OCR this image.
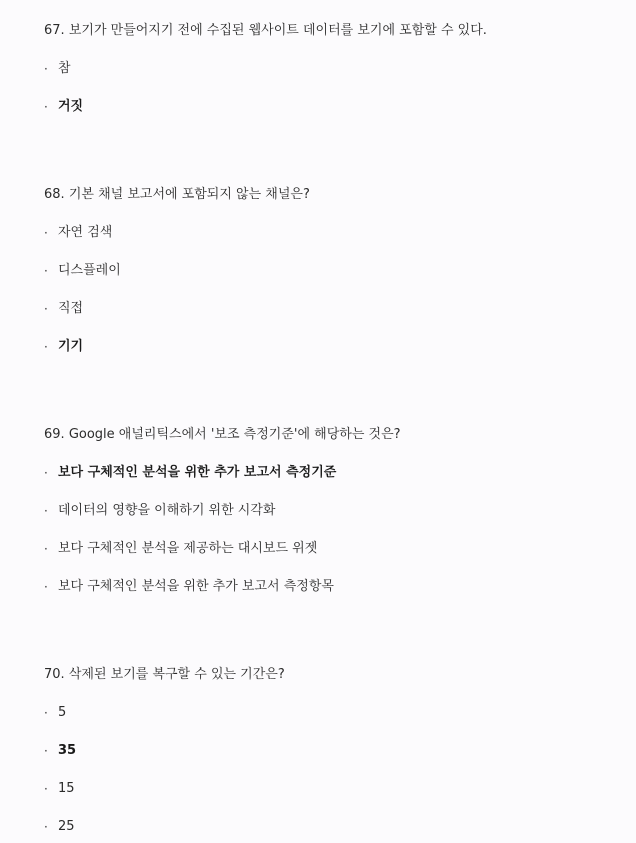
67. 보기가 만들어지기 전에 수집된 웹사이트 데이터를 보기에 포함할 수 있다.

· 참
· 거짓

68. 기본 채널 보고서에 포함되지 않는 채널은?

· 자연 검색
· 디스플레이
· 직접
· 기기

69. Google 애널리틱스에서 '보조 측정기준'에 해당하는 것은?

· 보다 구체적인 분석을 위한 추가 보고서 측정기준
· 데이터의 영향을 이해하기 위한 시각화
· 보다 구체적인 분석을 제공하는 대시보드 위젯
· 보다 구체적인 분석을 위한 추가 보고서 측정항목

70. 삭제된 보기를 복구할 수 있는 기간은?

· 5
· 35
· 15
· 25
